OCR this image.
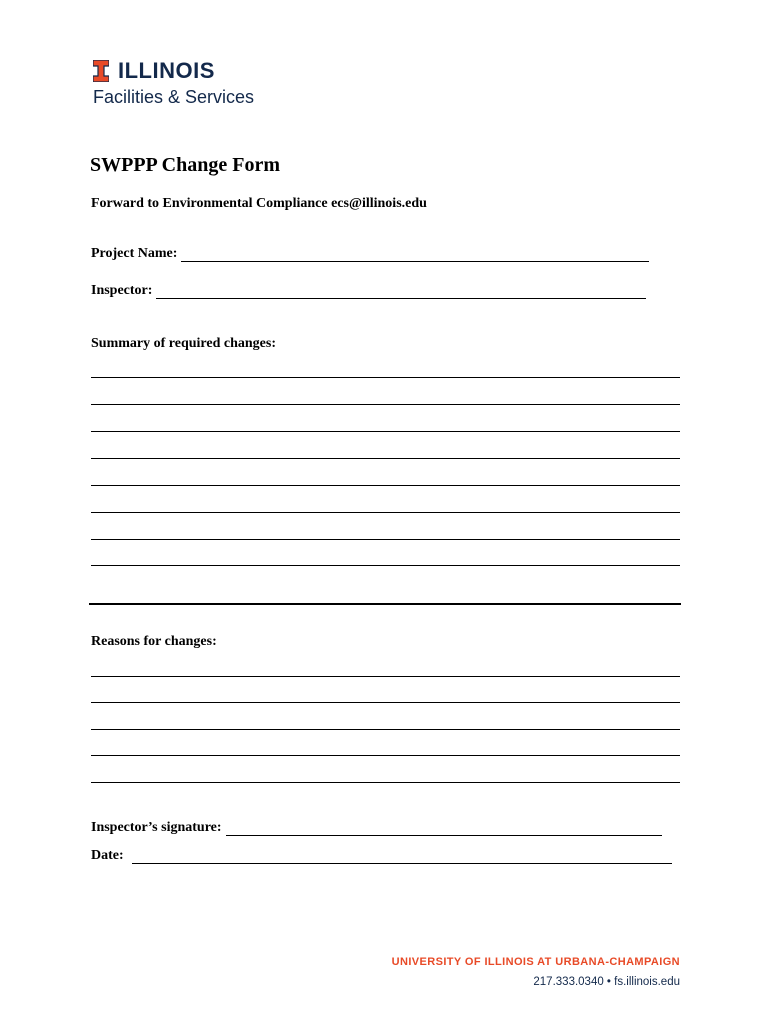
ILLINOIS
Facilities & Services
SWPPP Change Form
Forward to Environmental Compliance ecs@illinois.edu
Project Name:
Inspector:
Summary of required changes:
Reasons for changes:
Inspector’s signature:
Date:
UNIVERSITY OF ILLINOIS AT URBANA-CHAMPAIGN
217.333.0340 • fs.illinois.edu
